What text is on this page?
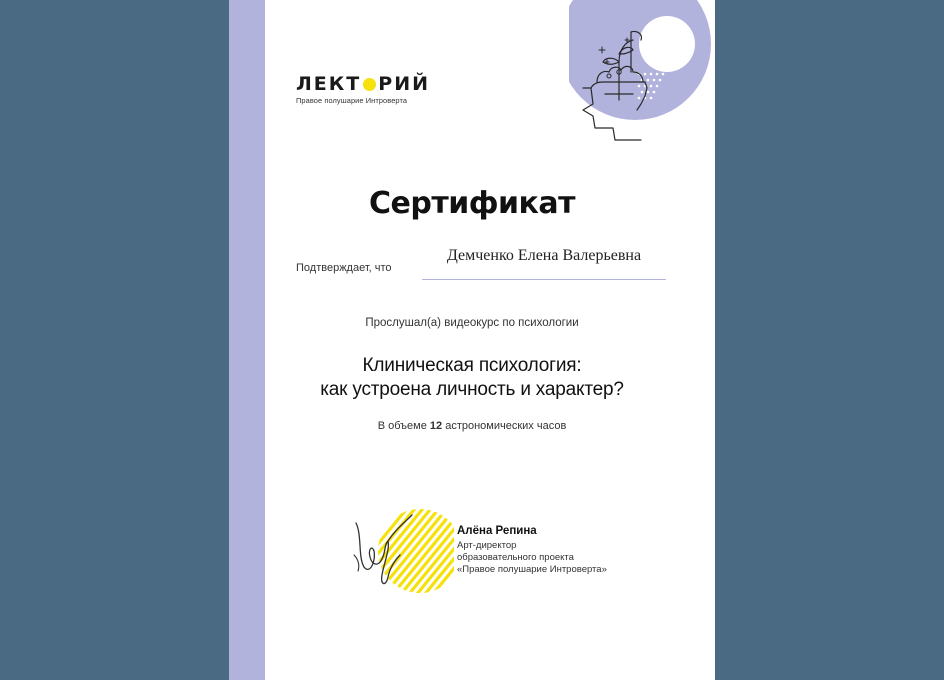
ЛЕКТ РИЙ
Правое полушарие Интроверта
Сертификат
Подтверждает, что
Демченко Елена Валерьевна
Прослушал(а) видеокурс по психологии
Клиническая психология:
как устроена личность и характер?
В объеме 12 астрономических часов
Алёна Репина
Арт-директор
образовательного проекта
«Правое полушарие Интроверта»
